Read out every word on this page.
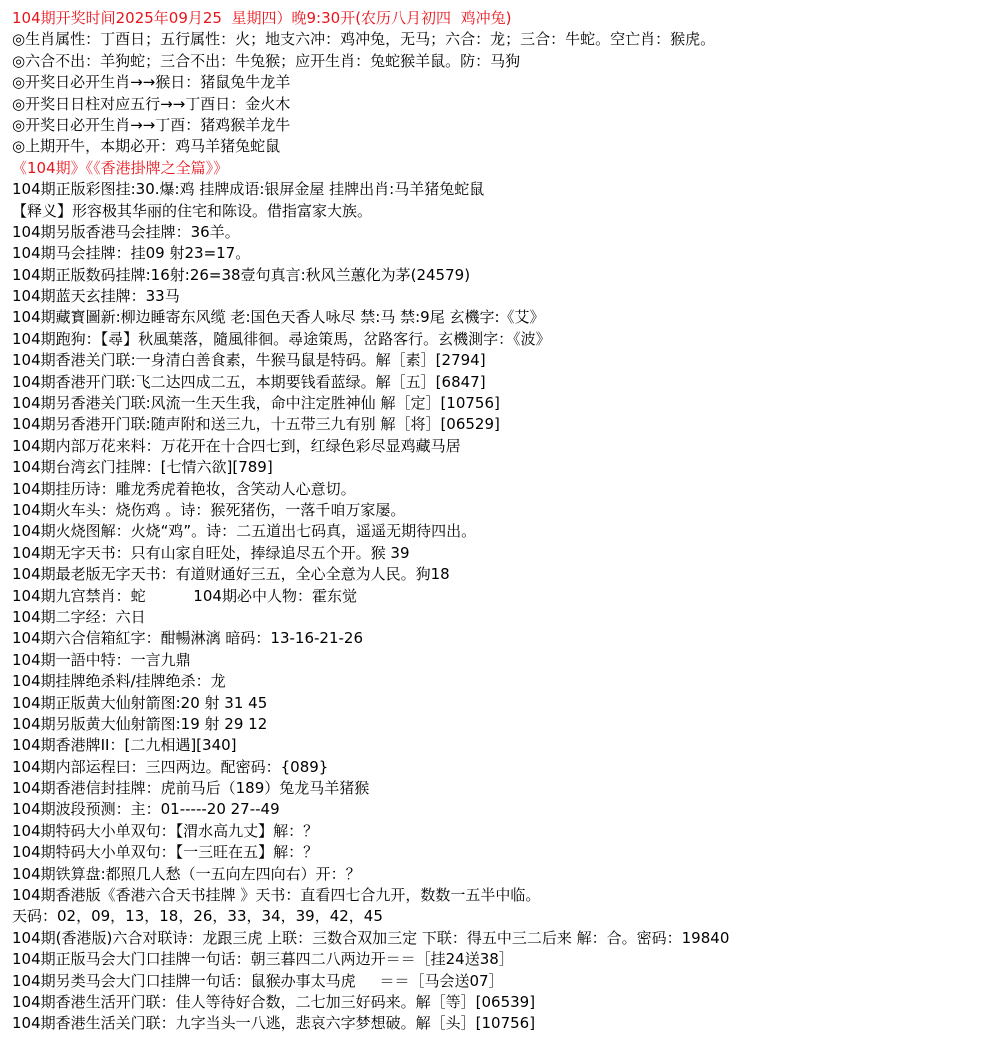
104期开奖时间2025年09月25  星期四）晚9:30开(农历八月初四  鸡冲兔)
◎生肖属性：丁酉日；五行属性：火；地支六冲：鸡冲兔，无马；六合：龙；三合：牛蛇。空亡肖：猴虎。
◎六合不出：羊狗蛇；三合不出：牛兔猴；应开生肖：兔蛇猴羊鼠。防：马狗
◎开奖日必开生肖→→猴日：猪鼠兔牛龙羊
◎开奖日日柱对应五行→→丁酉日：金火木
◎开奖日必开生肖→→丁酉：猪鸡猴羊龙牛
◎上期开牛，本期必开：鸡马羊猪兔蛇鼠
《104期》《《香港掛牌之全篇》》
104期正版彩图挂:30.爆:鸡 挂牌成语:银屏金屋 挂牌出肖:马羊猪兔蛇鼠
【释义】形容极其华丽的住宅和陈设。借指富家大族。
104期另版香港马会挂牌：36羊。
104期马会挂牌：挂09 射23=17。
104期正版数码挂牌:16射:26=38壹句真言:秋风兰蕙化为茅(24579)
104期蓝天玄挂牌：33马
104期藏寳圖新:柳边睡寄东风缆 老:国色天香人咏尽 禁:马 禁:9尾 玄機字:《艾》
104期跑狗：【尋】秋風葉落，隨風徘徊。尋途策馬，岔路客行。玄機測字：《波》
104期香港关门联:一身清白善食素，牛猴马鼠是特码。解［素］[2794]
104期香港开门联:飞二达四成二五，本期要钱看蓝绿。解［五］[6847]
104期另香港关门联:风流一生天生我，命中注定胜神仙 解［定］[10756]
104期另香港开门联:随声附和送三九，十五带三九有别 解［将］[06529]
104期内部万花来料：万花开在十合四七到，红绿色彩尽显鸡藏马居
104期台湾玄门挂牌：[七情六欲][789]
104期挂历诗：雕龙秀虎着艳妆，含笑动人心意切。
104期火车头：烧伤鸡 。诗：猴死猪伤，一落千咱万家屡。
104期火烧图解：火烧“鸡”。诗：二五道出七码真，遥遥无期待四出。
104期无字天书：只有山家自旺处，捧绿追尽五个开。猴 39
104期最老版无字天书：有道财通好三五，全心全意为人民。狗18
104期九宫禁肖：蛇          104期必中人物：霍东觉
104期二字经：六日
104期六合信箱紅字：酣暢淋漓 暗码：13-16-21-26
104期一語中特：一言九鼎
104期挂牌绝杀料/挂牌绝杀：龙
104期正版黄大仙射箭图:20 射 31 45
104期另版黄大仙射箭图:19 射 29 12
104期香港牌II：[二九相遇][340]
104期内部运程曰：三四两边。配密码：{089}
104期香港信封挂牌：虎前马后（189）兔龙马羊猪猴
104期波段预测：主：01-----20 27--49
104期特码大小单双句：【渭水高九丈】解：？
104期特码大小单双句：【一三旺在五】解：？
104期铁算盘:都照几人愁（一五向左四向右）开：？
104期香港版《香港六合天书挂牌 》天书：直看四七合九开，数数一五半中临。
天码：02，09，13，18，26，33，34，39，42，45
104期(香港版)六合对联诗：龙跟三虎 上联：三数合双加三定 下联：得五中三二后来 解：合。密码：19840
104期正版马会大门口挂牌一句话：朝三暮四二八两边开＝＝［挂24送38］
104期另类马会大门口挂牌一句话：鼠猴办事太马虎     ＝＝［马会送07］
104期香港生活开门联：佳人等待好合数，二七加三好码来。解［等］[06539]
104期香港生活关门联：九字当头一八逃，悲哀六字梦想破。解［头］[10756]
